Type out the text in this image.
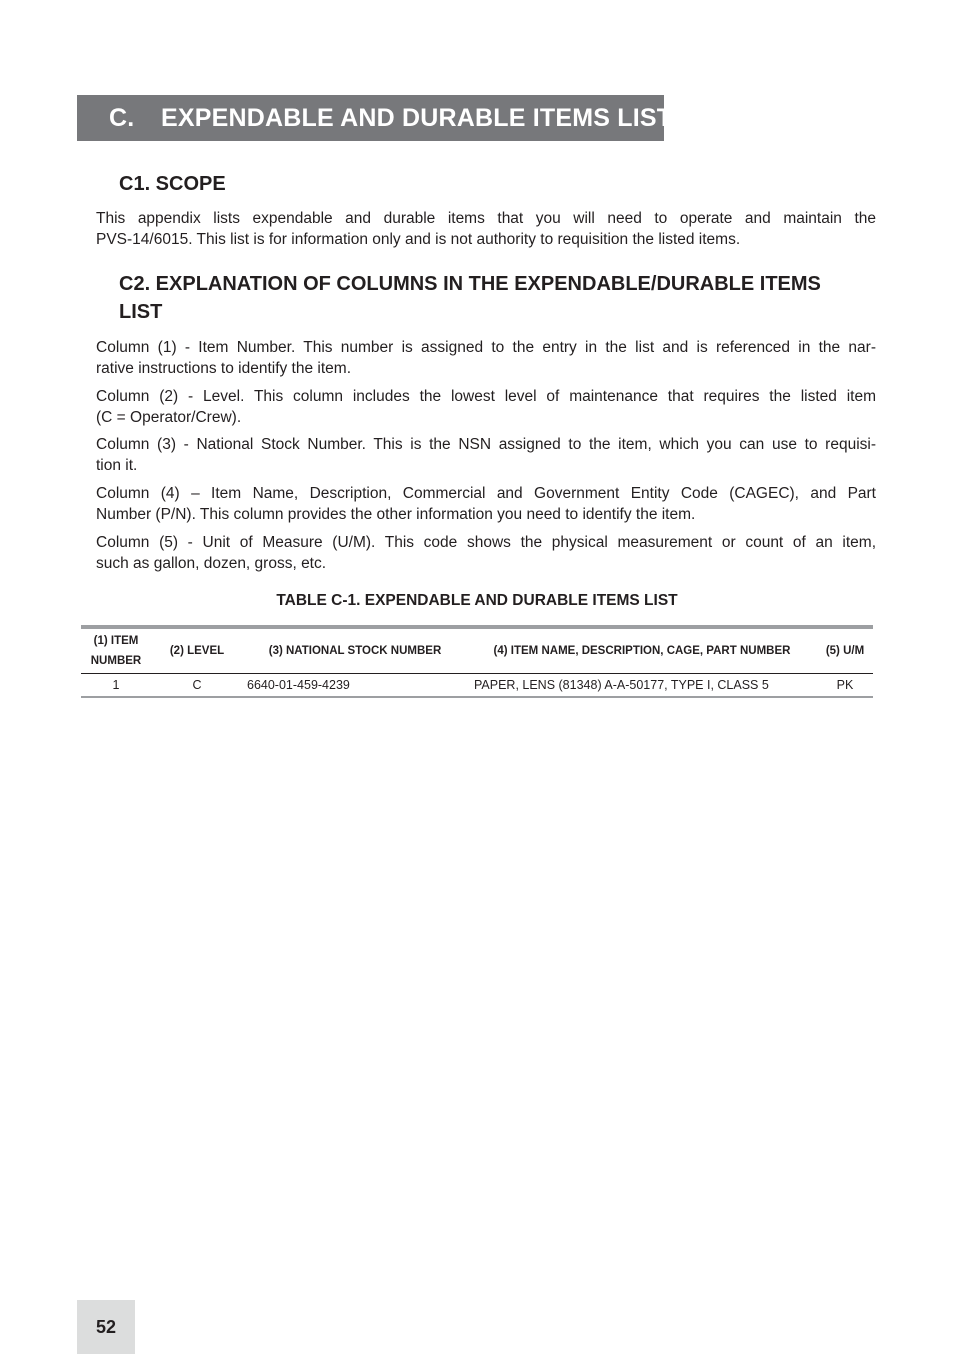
C. EXPENDABLE AND DURABLE ITEMS LIST
C1. SCOPE
This appendix lists expendable and durable items that you will need to operate and maintain the
PVS-14/6015. This list is for information only and is not authority to requisition the listed items.
C2. EXPLANATION OF COLUMNS IN THE EXPENDABLE/DURABLE ITEMS
LIST
Column (1) - Item Number. This number is assigned to the entry in the list and is referenced in the nar-
rative instructions to identify the item.
Column (2) - Level. This column includes the lowest level of maintenance that requires the listed item
(C = Operator/Crew).
Column (3) - National Stock Number. This is the NSN assigned to the item, which you can use to requisi-
tion it.
Column (4) – Item Name, Description, Commercial and Government Entity Code (CAGEC), and Part
Number (P/N). This column provides the other information you need to identify the item.
Column (5) - Unit of Measure (U/M). This code shows the physical measurement or count of an item,
such as gallon, dozen, gross, etc.
TABLE C-1. EXPENDABLE AND DURABLE ITEMS LIST
(1) ITEM
NUMBER	(2) LEVEL	(3) NATIONAL STOCK NUMBER	(4) ITEM NAME, DESCRIPTION, CAGE, PART NUMBER	(5) U/M
1	C	6640-01-459-4239	PAPER, LENS (81348) A-A-50177, TYPE I, CLASS 5	PK
52
